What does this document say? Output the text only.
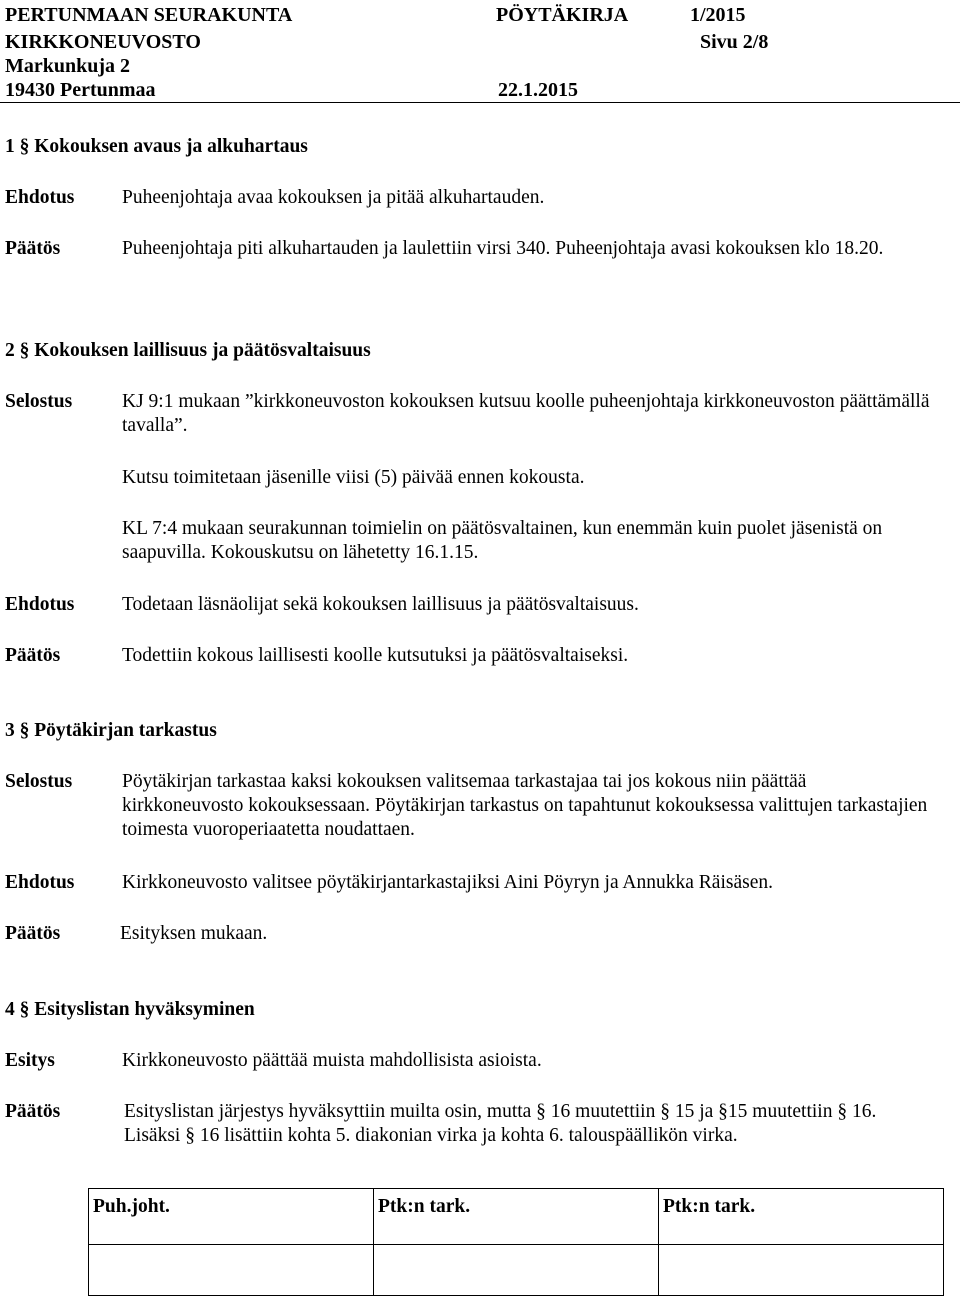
PERTUNMAAN SEURAKUNTA	PÖYTÄKIRJA	1/2015
KIRKKONEUVOSTO	Sivu 2/8
Markunkuja 2
19430 Pertunmaa	22.1.2015
1 § Kokouksen avaus ja alkuhartaus
Ehdotus Puheenjohtaja avaa kokouksen ja pitää alkuhartauden.
Päätös	Puheenjohtaja piti alkuhartauden ja laulettiin virsi 340. Puheenjohtaja avasi kokouksen klo 18.20.
2 § Kokouksen laillisuus ja päätösvaltaisuus
Selostus	KJ 9:1 mukaan ”kirkkoneuvoston kokouksen kutsuu koolle puheenjohtaja kirkkoneuvoston päättämällä tavalla”.
Kutsu toimitetaan jäsenille viisi (5) päivää ennen kokousta.
KL 7:4 mukaan seurakunnan toimielin on päätösvaltainen, kun enemmän kuin puolet jäsenistä on saapuvilla. Kokouskutsu on lähetetty 16.1.15.
Ehdotus Todetaan läsnäolijat sekä kokouksen laillisuus ja päätösvaltaisuus.
Päätös	Todettiin kokous laillisesti koolle kutsutuksi ja päätösvaltaiseksi.
3 § Pöytäkirjan tarkastus
Selostus	Pöytäkirjan tarkastaa kaksi kokouksen valitsemaa tarkastajaa tai jos kokous niin päättää kirkkoneuvosto kokouksessaan. Pöytäkirjan tarkastus on tapahtunut kokouksessa valittujen tarkastajien toimesta vuoroperiaatetta noudattaen.
Ehdotus Kirkkoneuvosto valitsee pöytäkirjantarkastajiksi Aini Pöyryn ja Annukka Räisäsen.
Päätös	Esityksen mukaan.
4 § Esityslistan hyväksyminen
Esitys	Kirkkoneuvosto päättää muista mahdollisista asioista.
Päätös	Esityslistan järjestys hyväksyttiin muilta osin, mutta § 16 muutettiin § 15 ja §15 muutettiin § 16. Lisäksi § 16 lisättiin kohta 5. diakonian virka ja kohta 6. talouspäällikön virka.
Puh.joht.	Ptk:n tark.	Ptk:n tark.
